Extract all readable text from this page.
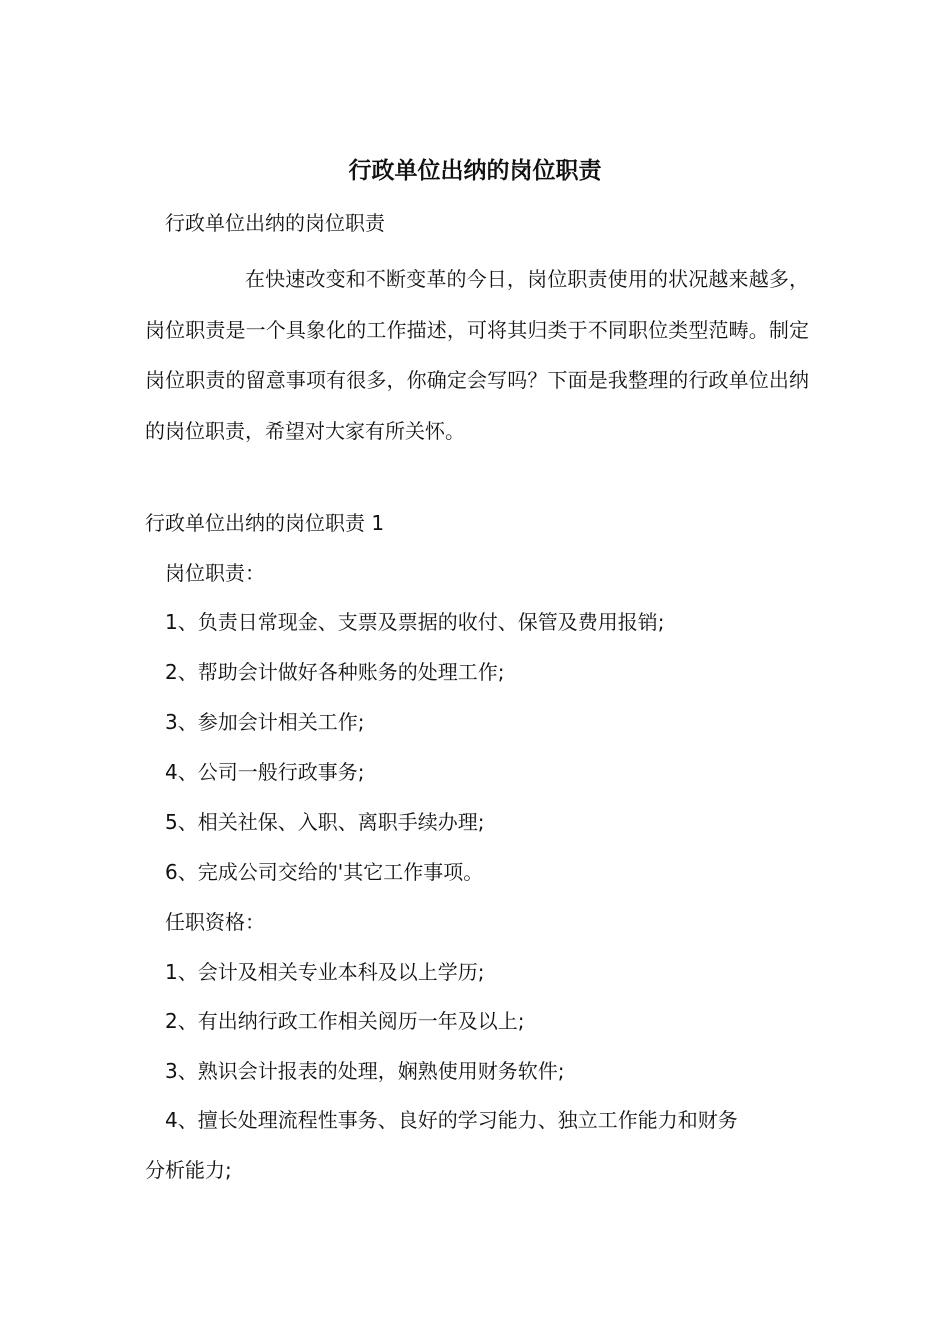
行政单位出纳的岗位职责
行政单位出纳的岗位职责
在快速改变和不断变革的今日，岗位职责使用的状况越来越多，岗位职责是一个具象化的工作描述，可将其归类于不同职位类型范畴。制定岗位职责的留意事项有很多，你确定会写吗？下面是我整理的行政单位出纳的岗位职责，希望对大家有所关怀。
行政单位出纳的岗位职责 1
岗位职责：
1、负责日常现金、支票及票据的收付、保管及费用报销;
2、帮助会计做好各种账务的处理工作;
3、参加会计相关工作;
4、公司一般行政事务;
5、相关社保、入职、离职手续办理;
6、完成公司交给的'其它工作事项。
任职资格：
1、会计及相关专业本科及以上学历;
2、有出纳行政工作相关阅历一年及以上;
3、熟识会计报表的处理，娴熟使用财务软件;
4、擅长处理流程性事务、良好的学习能力、独立工作能力和财务
分析能力;
